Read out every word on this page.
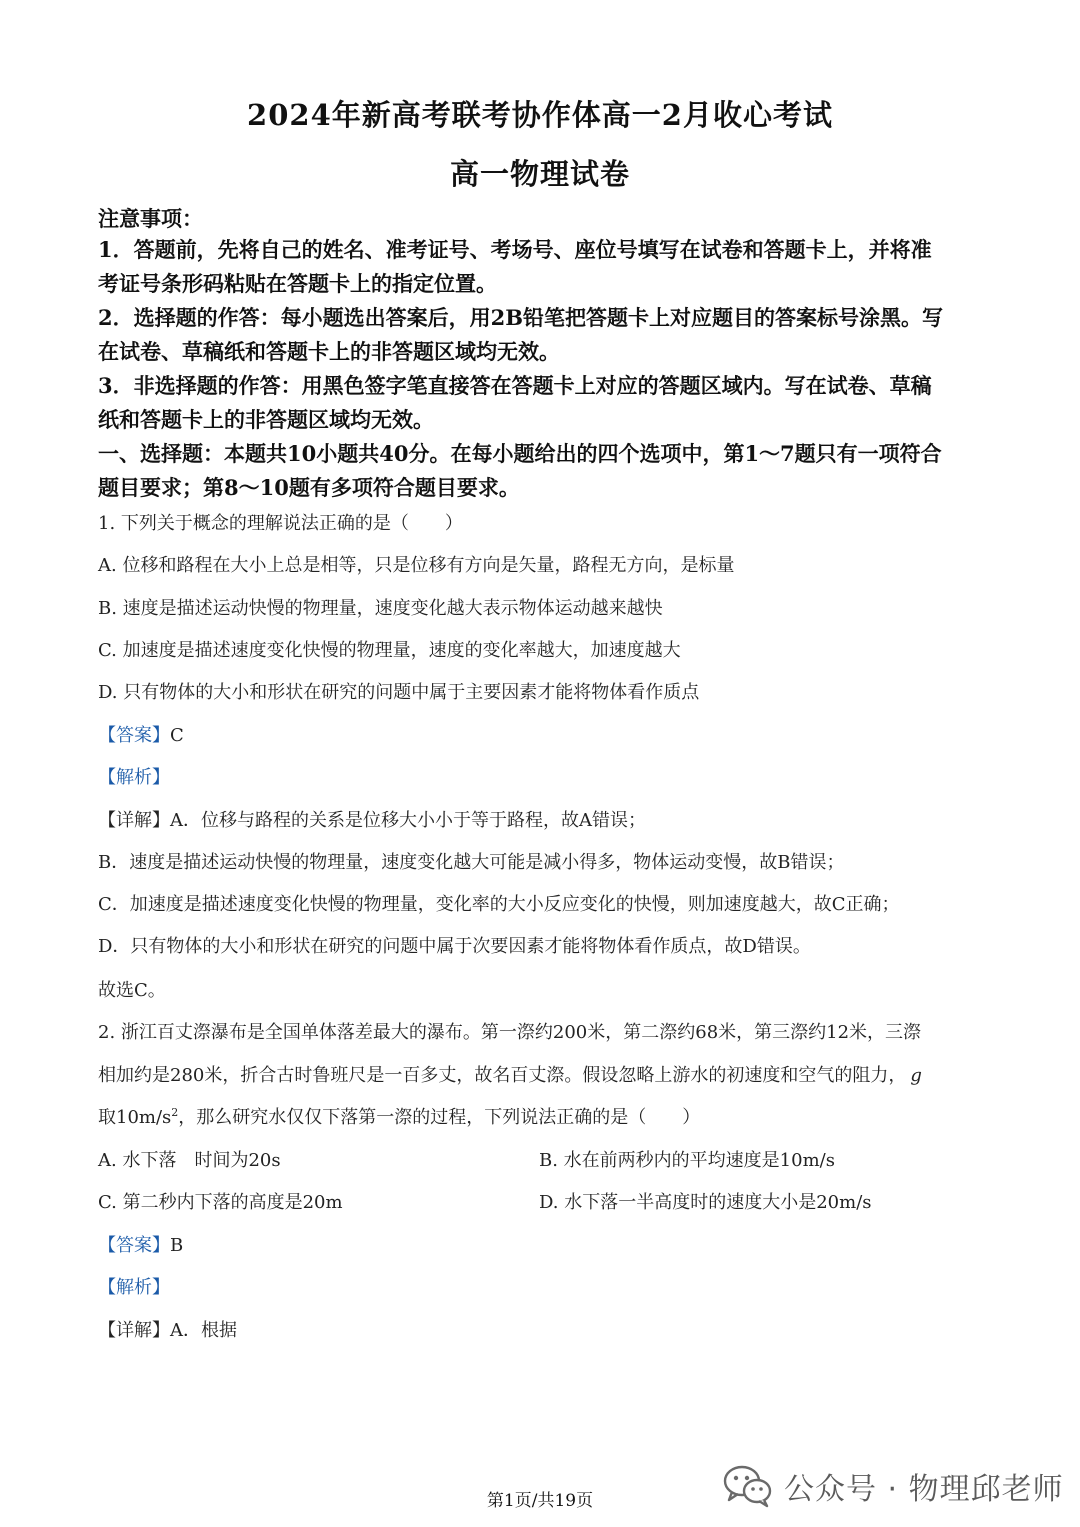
2024年新高考联考协作体高一2月收心考试
高一物理试卷
注意事项：
1．答题前，先将自己的姓名、准考证号、考场号、座位号填写在试卷和答题卡上，并将准
考证号条形码粘贴在答题卡上的指定位置。
2．选择题的作答：每小题选出答案后，用2B铅笔把答题卡上对应题目的答案标号涂黑。写
在试卷、草稿纸和答题卡上的非答题区域均无效。
3．非选择题的作答：用黑色签字笔直接答在答题卡上对应的答题区域内。写在试卷、草稿
纸和答题卡上的非答题区域均无效。
一、选择题：本题共10小题共40分。在每小题给出的四个选项中，第1～7题只有一项符合
题目要求；第8～10题有多项符合题目要求。
1. 下列关于概念的理解说法正确的是（　　）
A. 位移和路程在大小上总是相等，只是位移有方向是矢量，路程无方向，是标量
B. 速度是描述运动快慢的物理量，速度变化越大表示物体运动越来越快
C. 加速度是描述速度变化快慢的物理量，速度的变化率越大，加速度越大
D. 只有物体的大小和形状在研究的问题中属于主要因素才能将物体看作质点
【答案】C
【解析】
【详解】A．位移与路程的关系是位移大小小于等于路程，故A错误；
B．速度是描述运动快慢的物理量，速度变化越大可能是减小得多，物体运动变慢，故B错误；
C．加速度是描述速度变化快慢的物理量，变化率的大小反应变化的快慢，则加速度越大，故C正确；
D．只有物体的大小和形状在研究的问题中属于次要因素才能将物体看作质点，故D错误。
故选C。
2. 浙江百丈漈瀑布是全国单体落差最大的瀑布。第一漈约200米，第二漈约68米，第三漈约12米，三漈
相加约是280米，折合古时鲁班尺是一百多丈，故名百丈漈。假设忽略上游水的初速度和空气的阻力， g
取$10m/s^2$，那么研究水仅仅下落第一漈的过程，下列说法正确的是（　　）
A. 水下落　时间为20s	B. 水在前两秒内的平均速度是10m/s
C. 第二秒内下落的高度是20m	D. 水下落一半高度时的速度大小是20m/s
【答案】B
【解析】
【详解】A．根据
第1页/共19页	公众号 · 物理邱老师
